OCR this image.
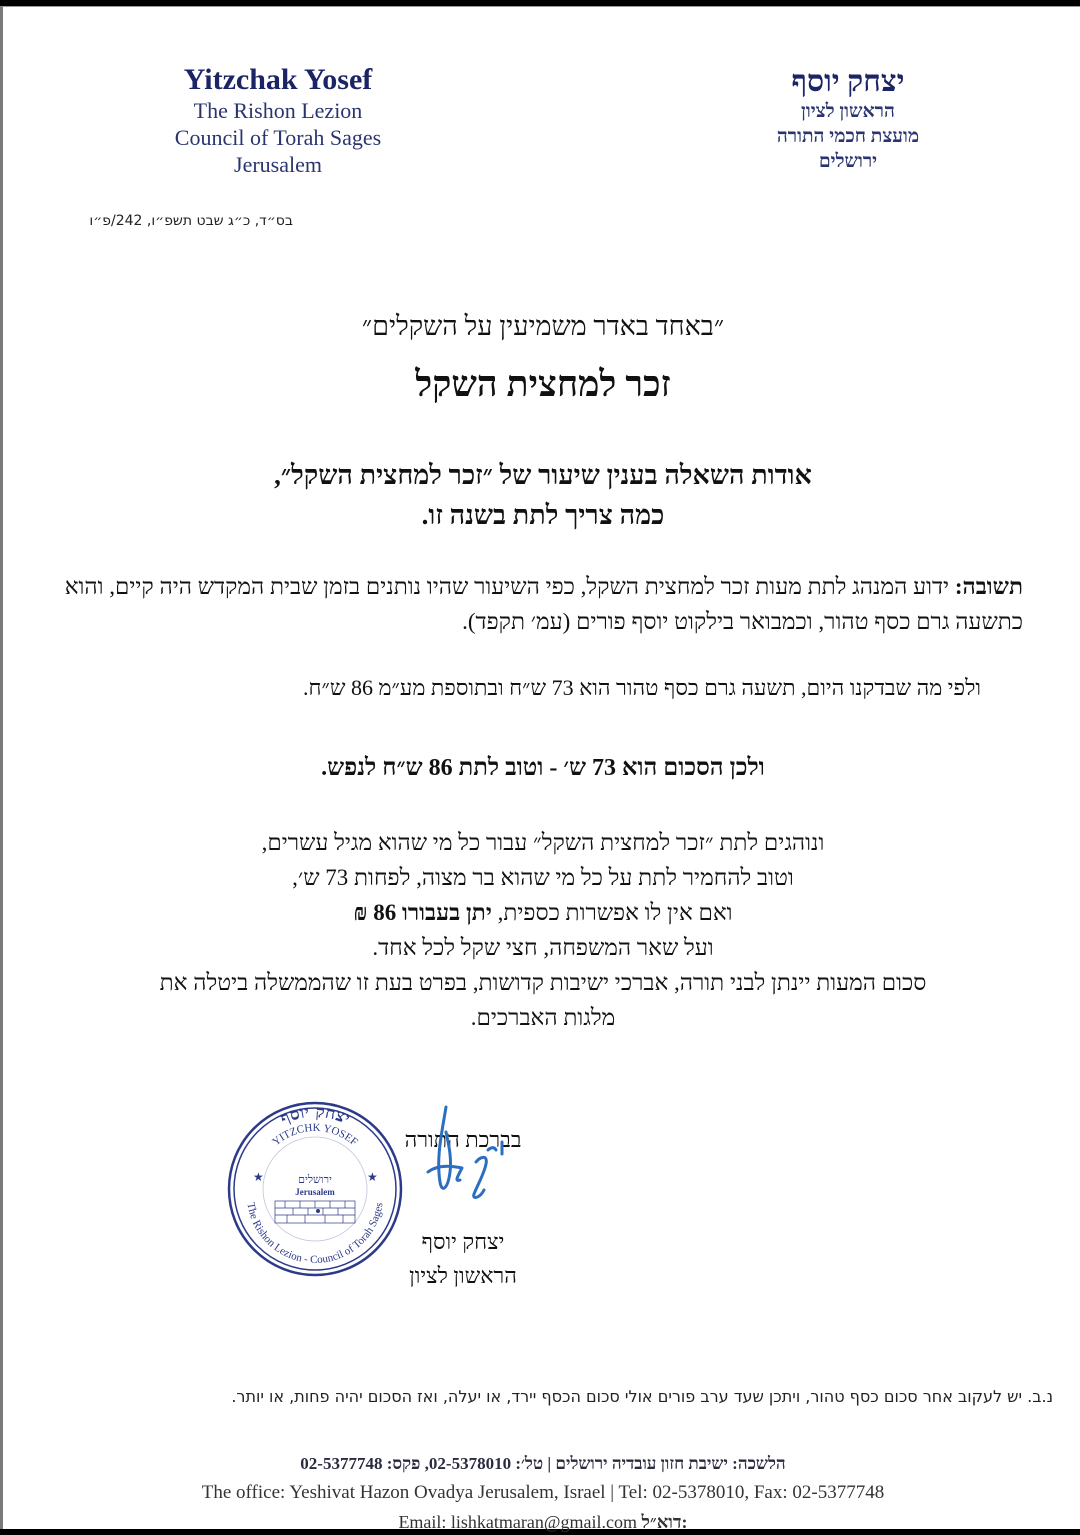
Yitzchak Yosef
The Rishon Lezion
Council of Torah Sages
Jerusalem
יצחק יוסף
הראשון לציון
מועצת חכמי התורה
ירושלים
בס״ד, כ״ג שבט תשפ״ו, 242/פ״ו
״באחד באדר משמיעין על השקלים״
זכר למחצית השקל
אודות השאלה בענין שיעור של ״זכר למחצית השקל״,
כמה צריך לתת בשנה זו.
תשובה: ידוע המנהג לתת מעות זכר למחצית השקל, כפי השיעור שהיו נותנים בזמן שבית המקדש היה קיים, והוא כתשעה גרם כסף טהור, וכמבואר בילקוט יוסף פורים (עמ׳ תקפד).
ולפי מה שבדקנו היום, תשעה גרם כסף טהור הוא 73 ש״ח ובתוספת מע״מ 86 ש״ח.
ולכן הסכום הוא 73 ש׳ - וטוב לתת 86 ש״ח לנפש.
ונוהגים לתת ״זכר למחצית השקל״ עבור כל מי שהוא מגיל עשרים,
וטוב להחמיר לתת על כל מי שהוא בר מצוה, לפחות 73 ש׳,
ואם אין לו אפשרות כספית, יתן בעבורו 86 ₪
ועל שאר המשפחה, חצי שקל לכל אחד.
סכום המעות יינתן לבני תורה, אברכי ישיבות קדושות, בפרט בעת זו שהממשלה ביטלה את
מלגות האברכים.
יצחק יוסף
YITZCHK YOSEF
The Rishon Lezion - Council of Torah Sages
★	★
ירושלים
Jerusalem
בברכת התורה
יצחק יוסף
הראשון לציון
נ.ב. יש לעקוב אחר סכום כסף טהור, ויתכן שעד ערב פורים אולי סכום הכסף יירד, או יעלה, ואז הסכום יהיה פחות, או יותר.
הלשכה: ישיבת חזון עובדיה ירושלים | טל׳: 02-5378010, פקס: 02-5377748
The office: Yeshivat Hazon Ovadya Jerusalem, Israel | Tel: 02-5378010, Fax: 02-5377748
Email: lishkatmaran@gmail.com דוא״ל:
